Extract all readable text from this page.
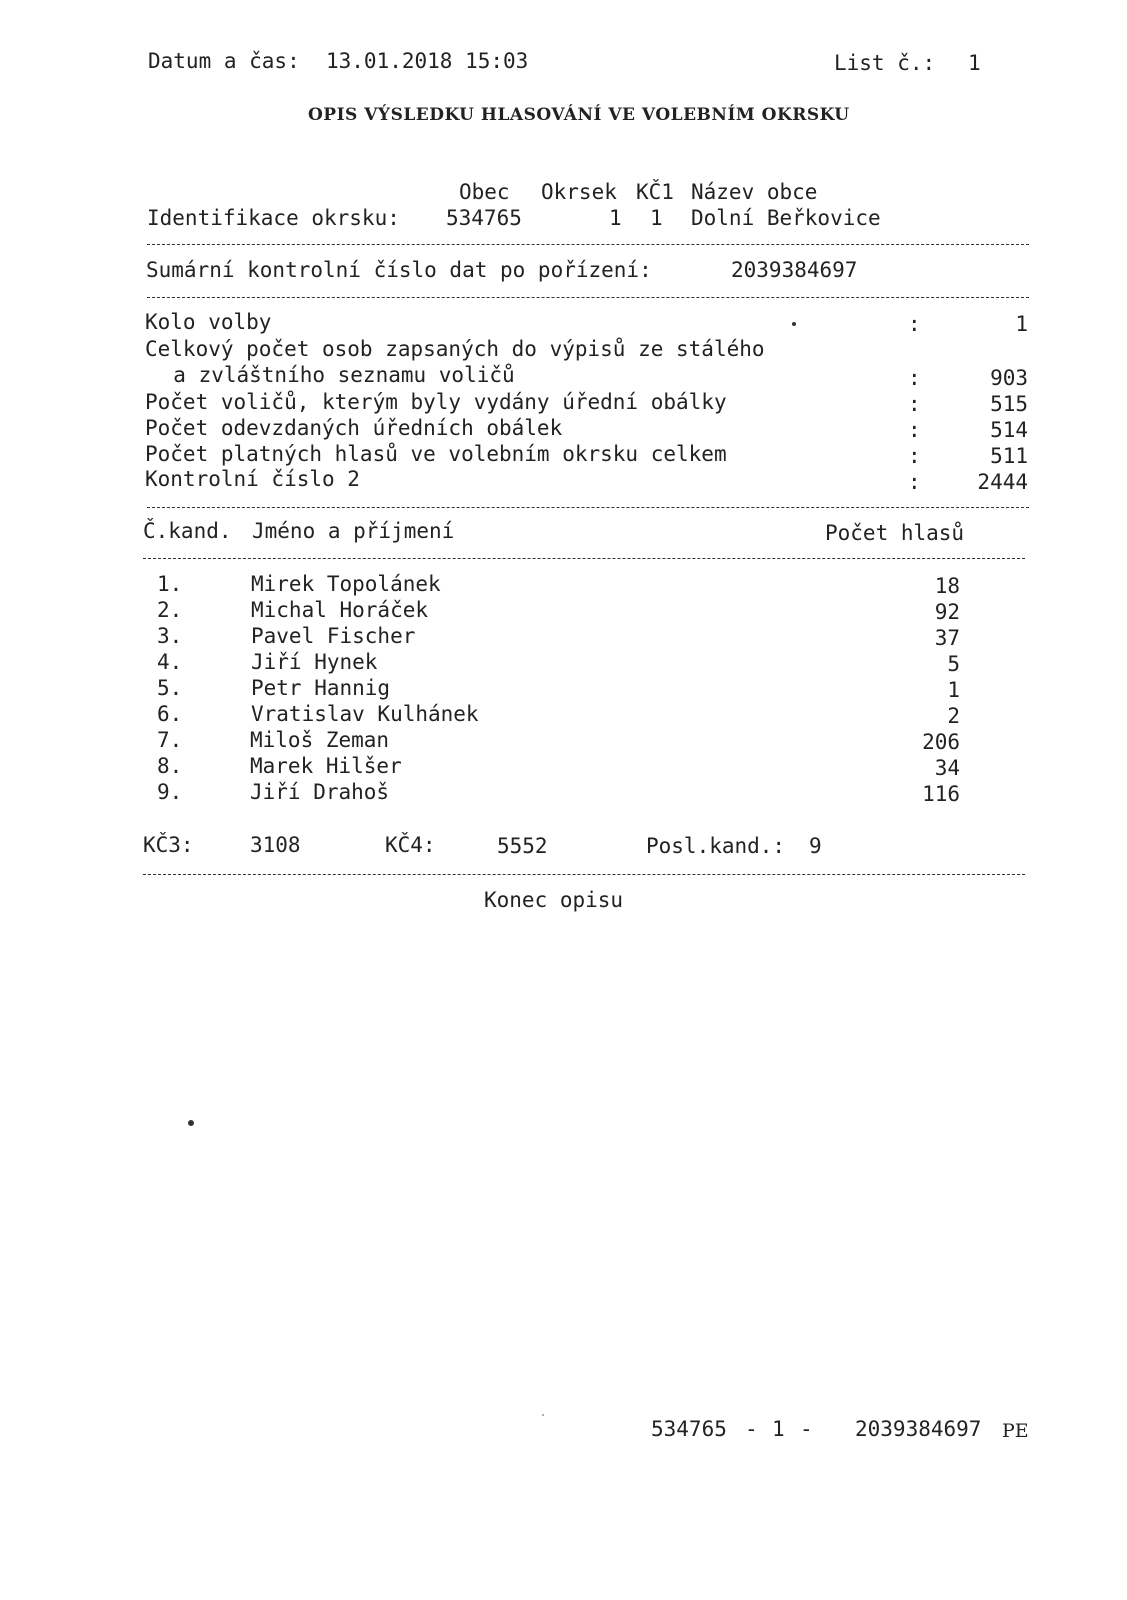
Datum a čas: 13.01.2018 15:03	List č.: 1
OPIS VÝSLEDKU HLASOVÁNÍ VE VOLEBNÍM OKRSKU
Obec Okrsek KČ1 Název obce
Identifikace okrsku: 534765	1 1 Dolní Beřkovice
Sumární kontrolní číslo dat po pořízení:	2039384697
Kolo volby	:	1
Celkový počet osob zapsaných do výpisů ze stálého
a zvláštního seznamu voličů	:	903
Počet voličů, kterým byly vydány úřední obálky	:	515
Počet odevzdaných úředních obálek	:	514
Počet platných hlasů ve volebním okrsku celkem	:	511
Kontrolní číslo 2	:	2444
Č.kand. Jméno a příjmení	Počet hlasů
1.	Mirek Topolánek	18
2.	Michal Horáček	92
3.	Pavel Fischer	37
4.	Jiří Hynek	5
5.	Petr Hannig	1
6.	Vratislav Kulhánek	2
7.	Miloš Zeman	206
8.	Marek Hilšer	34
9.	Jiří Drahoš	116
KČ3:	3108	KČ4:	5552	Posl.kand.: 9
Konec opisu
534765 - 1 - 2039384697 PE
